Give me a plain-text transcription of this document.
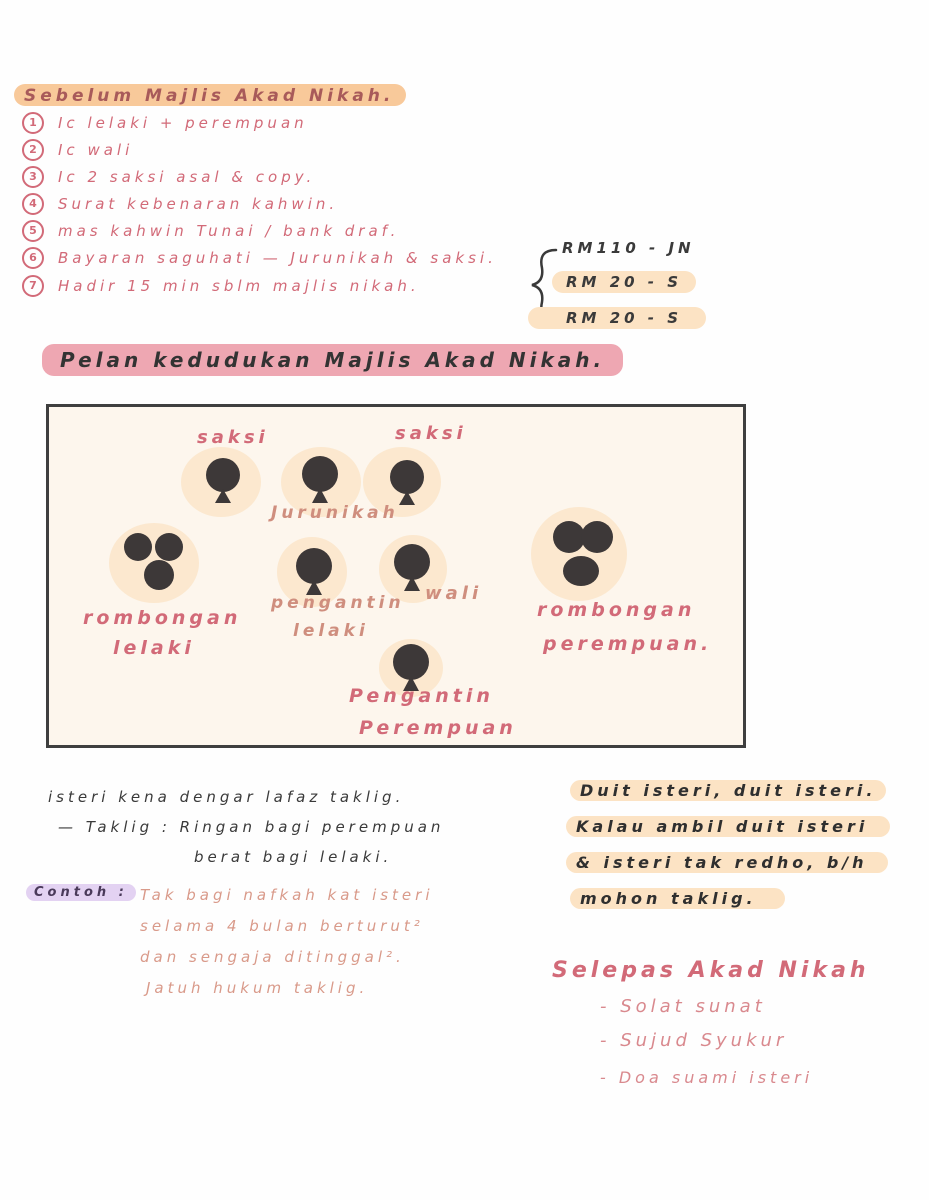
Sebelum Majlis Akad Nikah.
1	Ic lelaki + perempuan
2	Ic wali
3	Ic 2 saksi asal & copy.
4	Surat kebenaran kahwin.
5	mas kahwin Tunai / bank draf.
6	Bayaran saguhati — Jurunikah & saksi.
7	Hadir 15 min sblm majlis nikah.
RM110 - JN
RM 20 - S
RM 20 - S
Pelan kedudukan Majlis Akad Nikah.
saksi	saksi
Jurunikah
rombongan
lelaki
pengantin
lelaki
wali
rombongan
perempuan.
Pengantin
Perempuan
isteri kena dengar lafaz taklig.
— Taklig : Ringan bagi perempuan
berat bagi lelaki.
Contoh : Tak bagi nafkah kat isteri
selama 4 bulan berturut²
dan sengaja ditinggal².
Jatuh hukum taklig.
Duit isteri, duit isteri.
Kalau ambil duit isteri
& isteri tak redho, b/h
mohon taklig.
Selepas Akad Nikah
- Solat sunat
- Sujud Syukur
- Doa suami isteri
